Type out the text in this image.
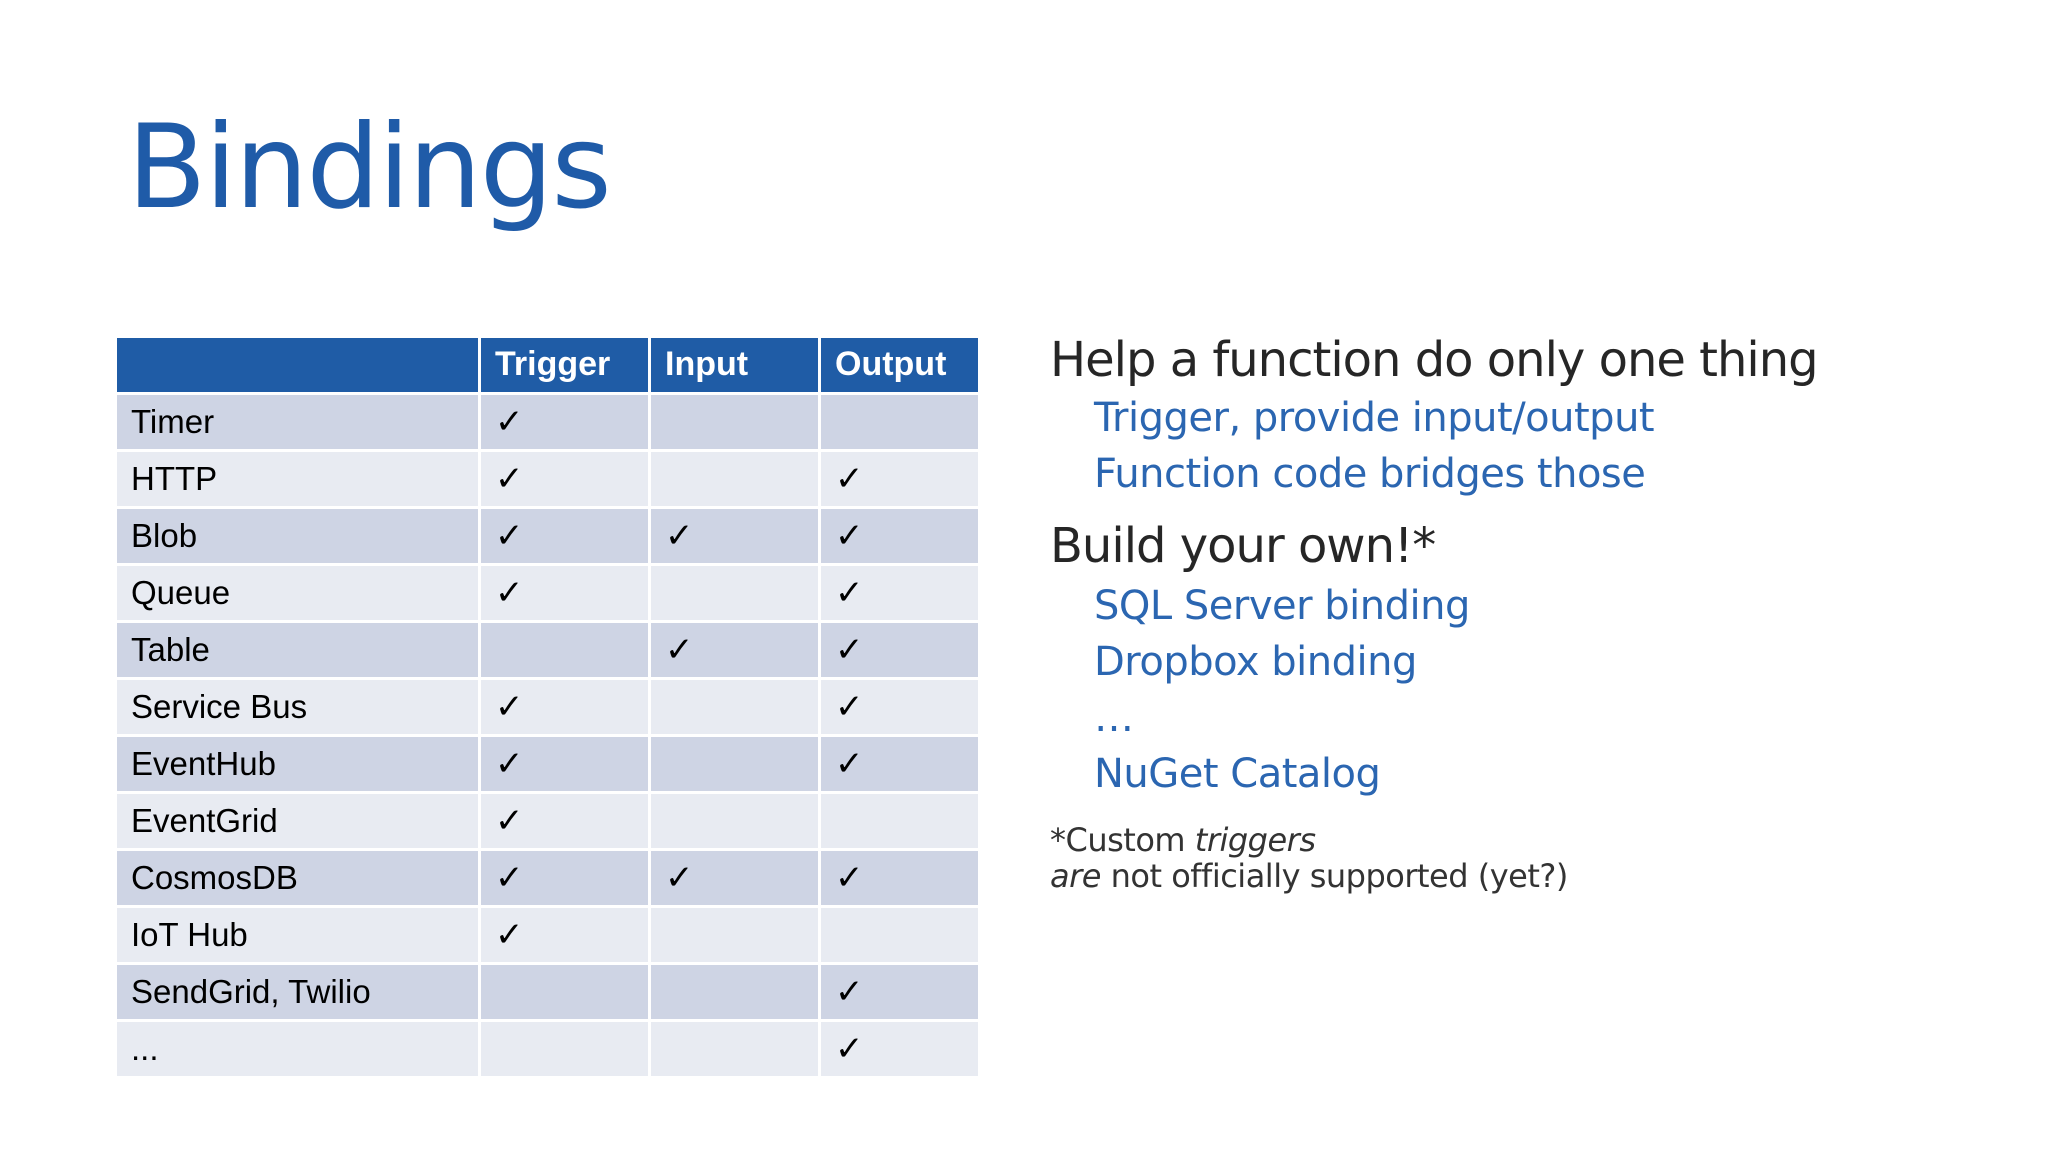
Bindings
	Trigger	Input	Output
Timer	✓		
HTTP	✓		✓
Blob	✓	✓	✓
Queue	✓		✓
Table		✓	✓
Service Bus	✓		✓
EventHub	✓		✓
EventGrid	✓		
CosmosDB	✓	✓	✓
IoT Hub	✓		
SendGrid, Twilio			✓
...			✓

Help a function do only one thing

Trigger, provide input/output

Function code bridges those

Build your own!*

SQL Server binding

Dropbox binding

…

NuGet Catalog

*Custom triggers

are not officially supported (yet?)
